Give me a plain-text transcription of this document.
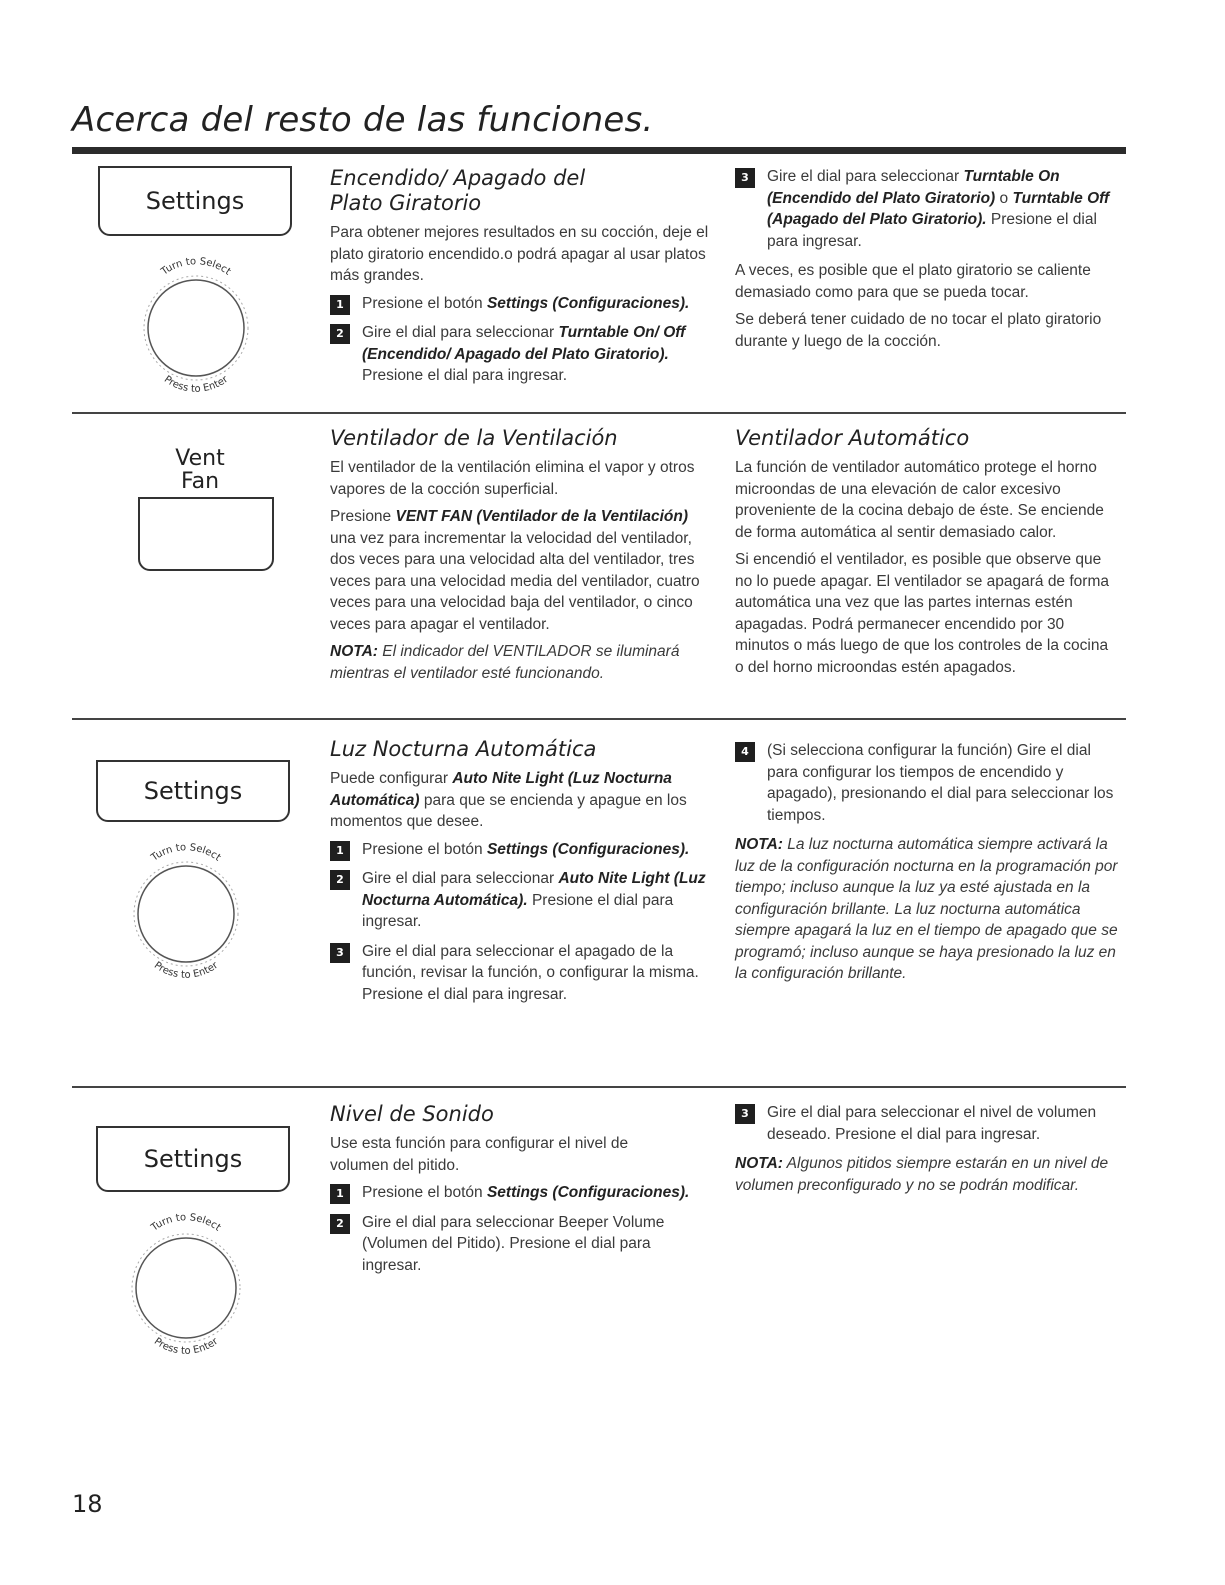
Acerca del resto de las funciones.
Settings
Turn to Select
Press to Enter
Encendido/ Apagado del Plato Giratorio

Para obtener mejores resultados en su cocción, deje el plato giratorio encendido.o podrá apagar al usar platos más grandes.

1	Presione el botón Settings (Configuraciones).
2	Gire el dial para seleccionar Turntable On/ Off (Encendido/ Apagado del Plato Giratorio). Presione el dial para ingresar.
3	Gire el dial para seleccionar Turntable On (Encendido del Plato Giratorio) o Turntable Off (Apagado del Plato Giratorio). Presione el dial para ingresar.

A veces, es posible que el plato giratorio se caliente demasiado como para que se pueda tocar.

Se deberá tener cuidado de no tocar el plato giratorio durante y luego de la cocción.

Vent
Fan
Ventilador de la Ventilación

El ventilador de la ventilación elimina el vapor y otros vapores de la cocción superficial.

Presione VENT FAN (Ventilador de la Ventilación) una vez para incrementar la velocidad del ventilador, dos veces para una velocidad alta del ventilador, tres veces para una velocidad media del ventilador, cuatro veces para una velocidad baja del ventilador, o cinco veces para apagar el ventilador.

NOTA: El indicador del VENTILADOR se iluminará mientras el ventilador esté funcionando.

Ventilador Automático

La función de ventilador automático protege el horno microondas de una elevación de calor excesivo proveniente de la cocina debajo de éste. Se enciende de forma automática al sentir demasiado calor.

Si encendió el ventilador, es posible que observe que no lo puede apagar. El ventilador se apagará de forma automática una vez que las partes internas estén apagadas. Podrá permanecer encendido por 30 minutos o más luego de que los controles de la cocina o del horno microondas estén apagados.

Settings
Turn to Select
Press to Enter
Luz Nocturna Automática

Puede configurar Auto Nite Light (Luz Nocturna Automática) para que se encienda y apague en los momentos que desee.

1	Presione el botón Settings (Configuraciones).
2	Gire el dial para seleccionar Auto Nite Light (Luz Nocturna Automática). Presione el dial para ingresar.
3	Gire el dial para seleccionar el apagado de la función, revisar la función, o configurar la misma. Presione el dial para ingresar.
4	(Si selecciona configurar la función) Gire el dial para configurar los tiempos de encendido y apagado), presionando el dial para seleccionar los tiempos.

NOTA: La luz nocturna automática siempre activará la luz de la configuración nocturna en la programación por tiempo; incluso aunque la luz ya esté ajustada en la configuración brillante. La luz nocturna automática siempre apagará la luz en el tiempo de apagado que se programó; incluso aunque se haya presionado la luz en la configuración brillante.

Settings
Turn to Select
Press to Enter
Nivel de Sonido

Use esta función para configurar el nivel de volumen del pitido.

1	Presione el botón Settings (Configuraciones).
2	Gire el dial para seleccionar Beeper Volume (Volumen del Pitido). Presione el dial para ingresar.
3	Gire el dial para seleccionar el nivel de volumen deseado. Presione el dial para ingresar.

NOTA: Algunos pitidos siempre estarán en un nivel de volumen preconfigurado y no se podrán modificar.

18
